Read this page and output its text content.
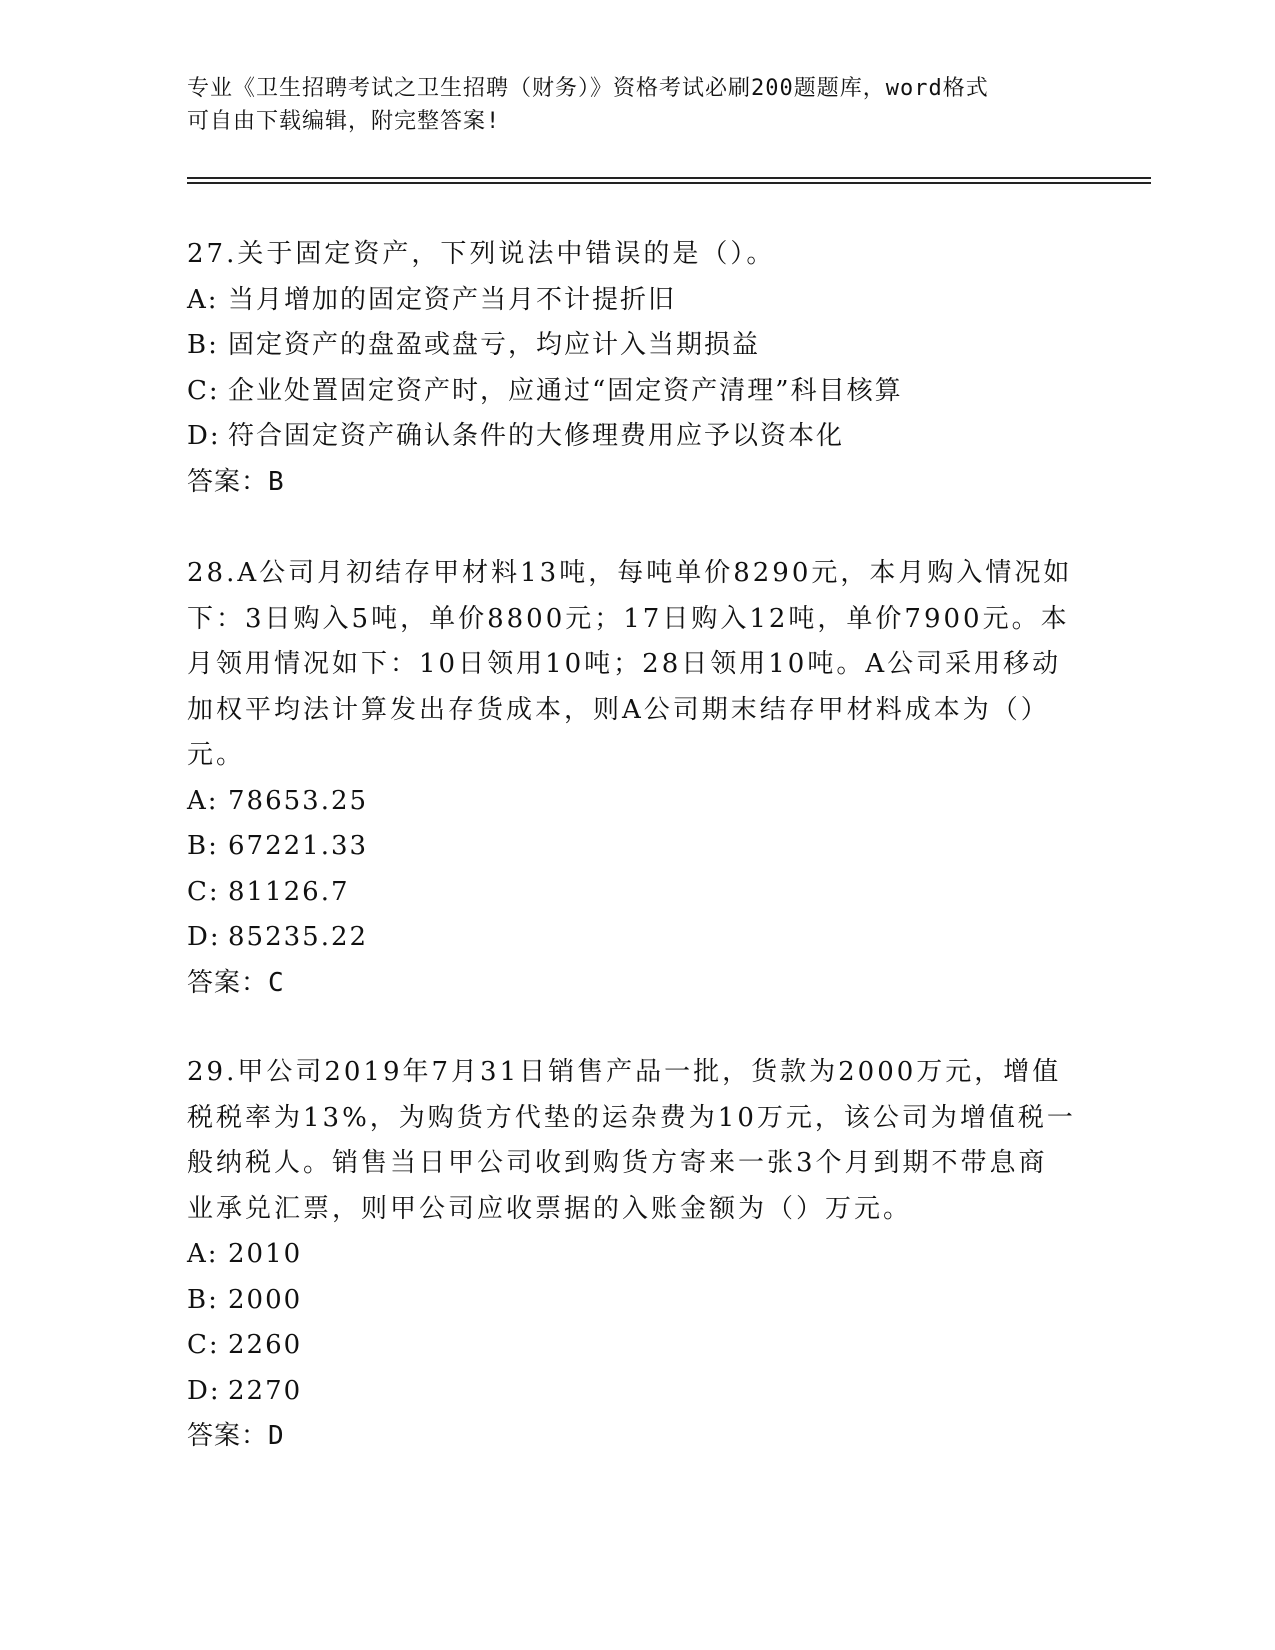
专业《卫生招聘考试之卫生招聘（财务）》资格考试必刷200题题库，word格式
可自由下载编辑，附完整答案!

27.关于固定资产，下列说法中错误的是（）。

A: 当月增加的固定资产当月不计提折旧

B: 固定资产的盘盈或盘亏，均应计入当期损益

C: 企业处置固定资产时，应通过“固定资产清理”科目核算

D: 符合固定资产确认条件的大修理费用应予以资本化

答案：B

28.A公司月初结存甲材料13吨，每吨单价8290元，本月购入情况如

下：3日购入5吨，单价8800元；17日购入12吨，单价7900元。本

月领用情况如下：10日领用10吨；28日领用10吨。A公司采用移动

加权平均法计算发出存货成本，则A公司期末结存甲材料成本为（）

元。

A: 78653.25

B: 67221.33

C: 81126.7

D: 85235.22

答案：C

29.甲公司2019年7月31日销售产品一批，货款为2000万元，增值

税税率为13%，为购货方代垫的运杂费为10万元，该公司为增值税一

般纳税人。销售当日甲公司收到购货方寄来一张3个月到期不带息商

业承兑汇票，则甲公司应收票据的入账金额为（）万元。

A: 2010

B: 2000

C: 2260

D: 2270

答案：D
